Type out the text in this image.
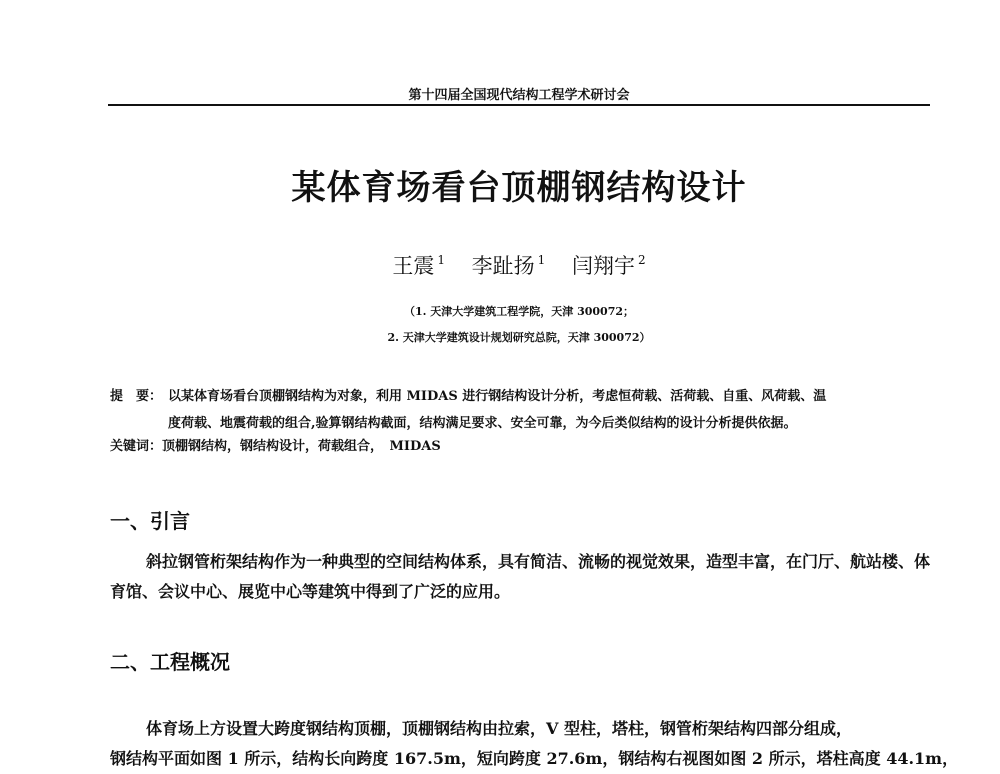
第十四届全国现代结构工程学术研讨会
某体育场看台顶棚钢结构设计
王震 $^1$ 李趾扬 $^1$ 闫翔宇 $^2$
（1. 天津大学建筑工程学院，天津 300072；
2. 天津大学建筑设计规划研究总院，天津 300072）
提　要： 以某体育场看台顶棚钢结构为对象，利用 MIDAS 进行钢结构设计分析，考虑恒荷载、活荷载、自重、风荷载、温
度荷载、地震荷载的组合,验算钢结构截面，结构满足要求、安全可靠，为今后类似结构的设计分析提供依据。
关键词：顶棚钢结构，钢结构设计，荷载组合，　MIDAS
一、引言
斜拉钢管桁架结构作为一种典型的空间结构体系，具有简洁、流畅的视觉效果，造型丰富，在门厅、航站楼、体育馆、会议中心、展览中心等建筑中得到了广泛的应用。
二、工程概况
体育场上方设置大跨度钢结构顶棚，顶棚钢结构由拉索，V 型柱，塔柱，钢管桁架结构四部分组成，
钢结构平面如图 1 所示，结构长向跨度 167.5m，短向跨度 27.6m，钢结构右视图如图 2 所示，塔柱高度 44.1m，
